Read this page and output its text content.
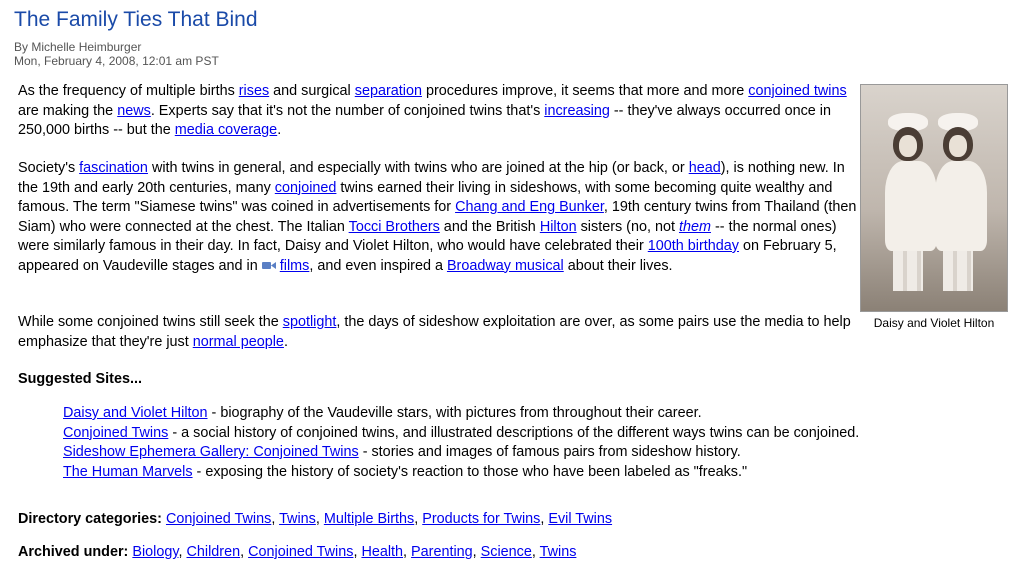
The Family Ties That Bind
By Michelle Heimburger
Mon, February 4, 2008, 12:01 am PST

As the frequency of multiple births rises and surgical separation procedures improve, it seems that more and more conjoined twins are making the news. Experts say that it's not the number of conjoined twins that's increasing -- they've always occurred once in 250,000 births -- but the media coverage.

Society's fascination with twins in general, and especially with twins who are joined at the hip (or back, or head), is nothing new. In the 19th and early 20th centuries, many conjoined twins earned their living in sideshows, with some becoming quite wealthy and famous. The term "Siamese twins" was coined in advertisements for Chang and Eng Bunker, 19th century twins from Thailand (then Siam) who were connected at the chest. The Italian Tocci Brothers and the British Hilton sisters (no, not them -- the normal ones) were similarly famous in their day. In fact, Daisy and Violet Hilton, who would have celebrated their 100th birthday on February 5, appeared on Vaudeville stages and in films, and even inspired a Broadway musical about their lives.

While some conjoined twins still seek the spotlight, the days of sideshow exploitation are over, as some pairs use the media to help emphasize that they're just normal people.

Daisy and Violet Hilton
Suggested Sites...
Daisy and Violet Hilton - biography of the Vaudeville stars, with pictures from throughout their career.
Conjoined Twins - a social history of conjoined twins, and illustrated descriptions of the different ways twins can be conjoined.
Sideshow Ephemera Gallery: Conjoined Twins - stories and images of famous pairs from sideshow history.
The Human Marvels - exposing the history of society's reaction to those who have been labeled as "freaks."
Directory categories: Conjoined Twins, Twins, Multiple Births, Products for Twins, Evil Twins
Archived under: Biology, Children, Conjoined Twins, Health, Parenting, Science, Twins
